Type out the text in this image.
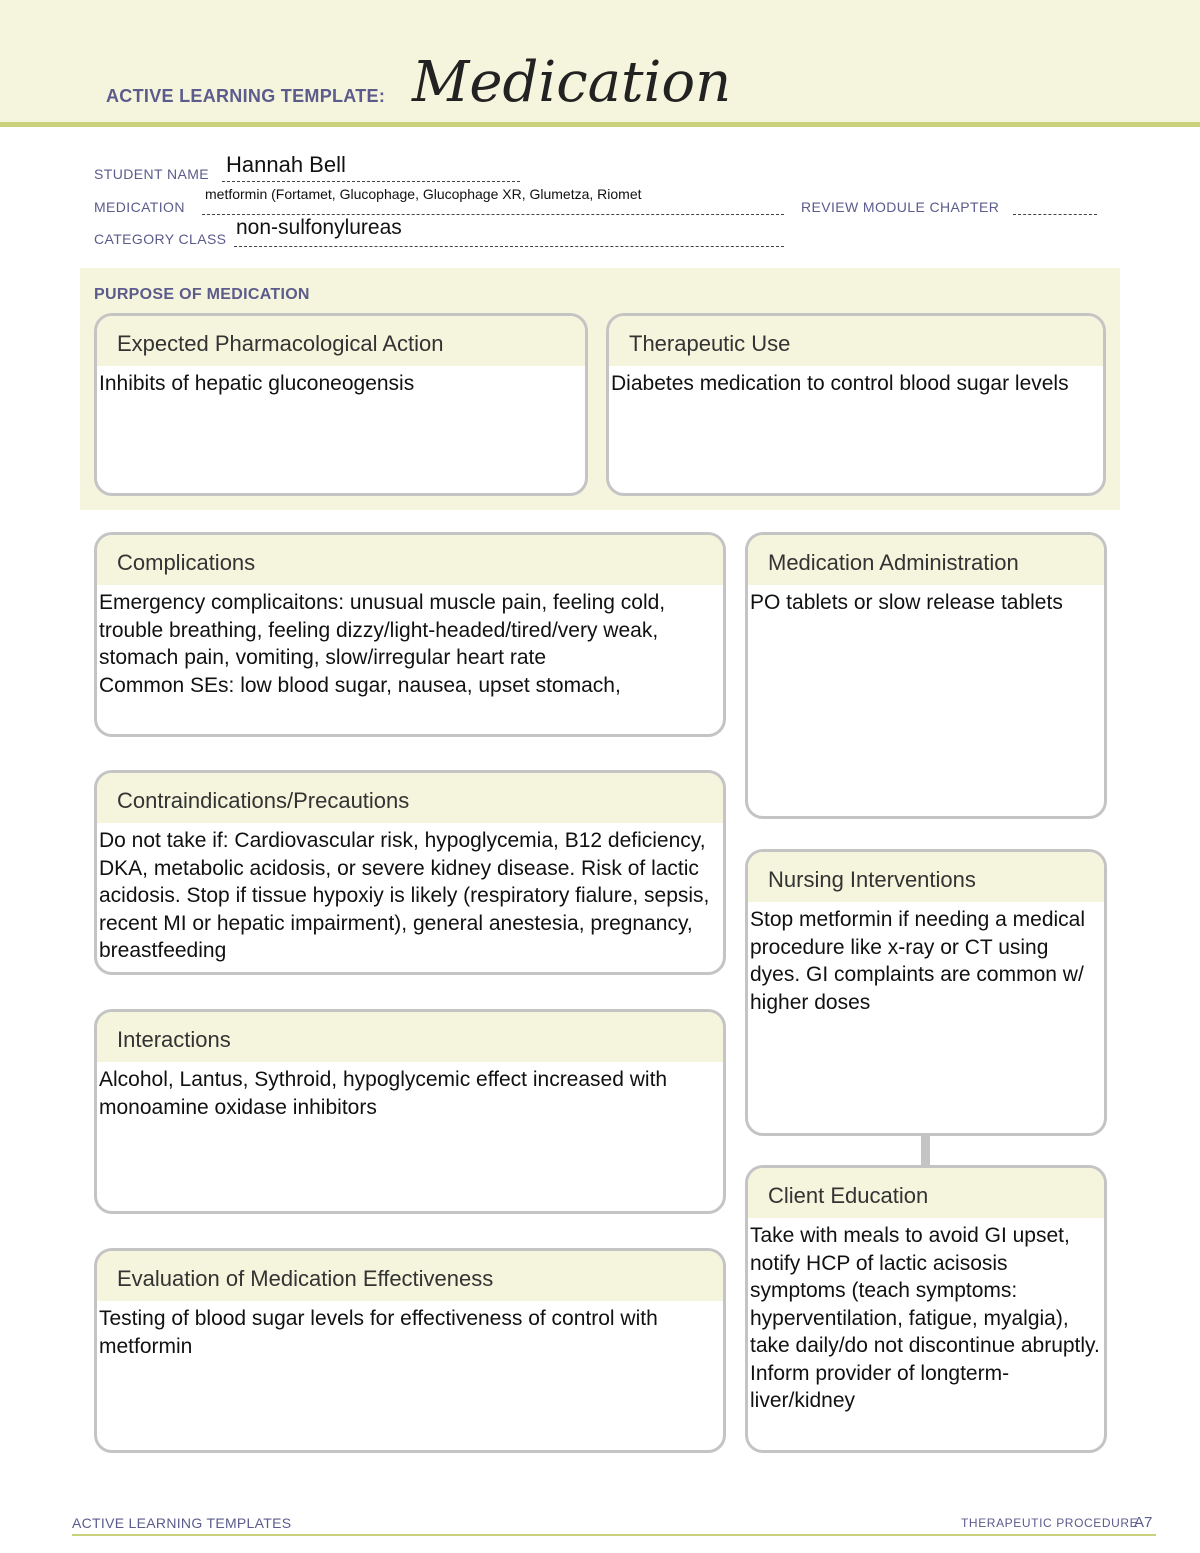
ACTIVE LEARNING TEMPLATE: Medication
STUDENT NAME Hannah Bell
MEDICATION
metformin (Fortamet, Glucophage, Glucophage XR, Glumetza, Riomet
REVIEW MODULE CHAPTER
CATEGORY CLASS non-sulfonylureas
PURPOSE OF MEDICATION
Expected Pharmacological Action
Inhibits of hepatic gluconeogensis
Therapeutic Use
Diabetes medication to control blood sugar levels
Complications
Emergency complicaitons: unusual muscle pain, feeling cold, trouble breathing, feeling dizzy/light-headed/tired/very weak, stomach pain, vomiting, slow/irregular heart rate
Common SEs: low blood sugar, nausea, upset stomach,
Contraindications/Precautions
Do not take if: Cardiovascular risk, hypoglycemia, B12 deficiency, DKA, metabolic acidosis, or severe kidney disease. Risk of lactic acidosis. Stop if tissue hypoxiy is likely (respiratory fialure, sepsis, recent MI or hepatic impairment), general anestesia, pregnancy, breastfeeding
Interactions
Alcohol, Lantus, Sythroid, hypoglycemic effect increased with monoamine oxidase inhibitors
Evaluation of Medication Effectiveness
Testing of blood sugar levels for effectiveness of control with metformin
Medication Administration
PO tablets or slow release tablets
Nursing Interventions
Stop metformin if needing a medical procedure like x-ray or CT using dyes. GI complaints are common w/ higher doses
Client Education
Take with meals to avoid GI upset, notify HCP of lactic acisosis symptoms (teach symptoms: hyperventilation, fatigue, myalgia), take daily/do not discontinue abruptly. Inform provider of longterm-liver/kidney
ACTIVE LEARNING TEMPLATES	THERAPEUTIC PROCEDURE
A7
